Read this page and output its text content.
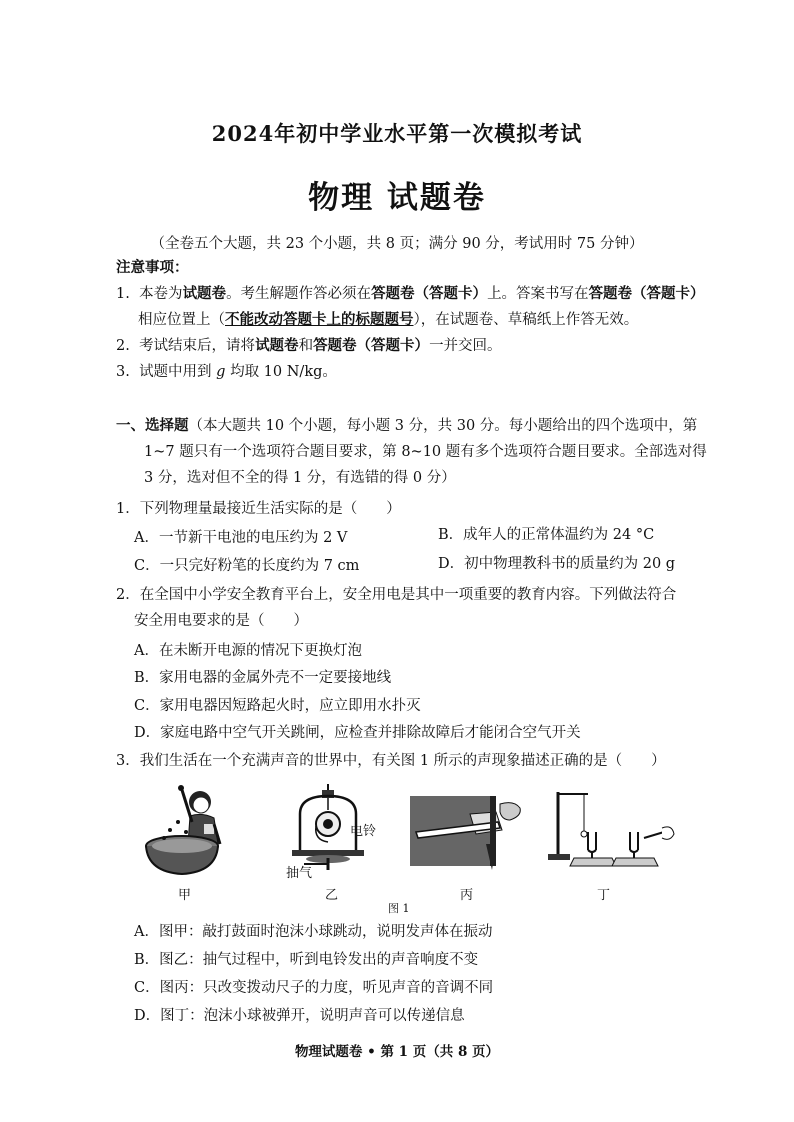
2024年初中学业水平第一次模拟考试
物理 试题卷
（全卷五个大题，共 23 个小题，共 8 页；满分 90 分，考试用时 75 分钟）
注意事项：
1. 本卷为试题卷。考生解题作答必须在答题卷（答题卡）上。答案书写在答题卷（答题卡）
相应位置上（不能改动答题卡上的标题题号），在试题卷、草稿纸上作答无效。
2. 考试结束后，请将试题卷和答题卷（答题卡）一并交回。
3. 试题中用到 g 均取 10 N/kg。
一、选择题（本大题共 10 个小题，每小题 3 分，共 30 分。每小题给出的四个选项中，第
1~7 题只有一个选项符合题目要求，第 8~10 题有多个选项符合题目要求。全部选对得
3 分，选对但不全的得 1 分，有选错的得 0 分）
1．下列物理量最接近生活实际的是（　　）
A．一节新干电池的电压约为 2 V	B．成年人的正常体温约为 24 °C
C．一只完好粉笔的长度约为 7 cm	D．初中物理教科书的质量约为 20 g
2．在全国中小学安全教育平台上，安全用电是其中一项重要的教育内容。下列做法符合
安全用电要求的是（　　）
A．在未断开电源的情况下更换灯泡
B．家用电器的金属外壳不一定要接地线
C．家用电器因短路起火时，应立即用水扑灭
D．家庭电路中空气开关跳闸，应检查并排除故障后才能闭合空气开关
3．我们生活在一个充满声音的世界中，有关图 1 所示的声现象描述正确的是（　　）
电铃
抽气
甲	乙	丙	丁
图 1
A．图甲：敲打鼓面时泡沫小球跳动，说明发声体在振动
B．图乙：抽气过程中，听到电铃发出的声音响度不变
C．图丙：只改变拨动尺子的力度，听见声音的音调不同
D．图丁：泡沫小球被弹开，说明声音可以传递信息
物理试题卷 • 第 1 页（共 8 页）
